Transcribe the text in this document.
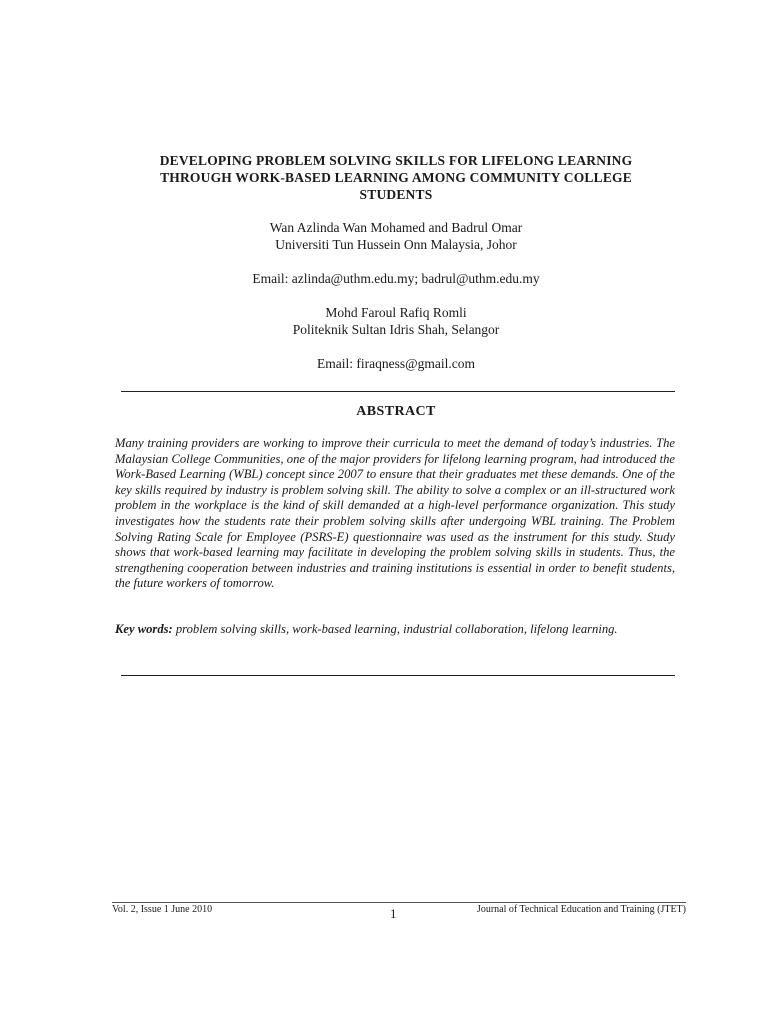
DEVELOPING PROBLEM SOLVING SKILLS FOR LIFELONG LEARNING
THROUGH WORK-BASED LEARNING AMONG COMMUNITY COLLEGE
STUDENTS
Wan Azlinda Wan Mohamed and Badrul Omar
Universiti Tun Hussein Onn Malaysia, Johor
Email: azlinda@uthm.edu.my; badrul@uthm.edu.my
Mohd Faroul Rafiq Romli
Politeknik Sultan Idris Shah, Selangor
Email: firaqness@gmail.com
ABSTRACT
Many training providers are working to improve their curricula to meet the demand of today’s industries. The Malaysian College Communities, one of the major providers for lifelong learning program, had introduced the Work-Based Learning (WBL) concept since 2007 to ensure that their graduates met these demands. One of the key skills required by industry is problem solving skill. The ability to solve a complex or an ill-structured work problem in the workplace is the kind of skill demanded at a high-level performance organization. This study investigates how the students rate their problem solving skills after undergoing WBL training. The Problem Solving Rating Scale for Employee (PSRS-E) questionnaire was used as the instrument for this study. Study shows that work-based learning may facilitate in developing the problem solving skills in students. Thus, the strengthening cooperation between industries and training institutions is essential in order to benefit students, the future workers of tomorrow.
Key words: problem solving skills, work-based learning, industrial collaboration, lifelong learning.
Vol. 2, Issue 1 June 2010	1	Journal of Technical Education and Training (JTET)
